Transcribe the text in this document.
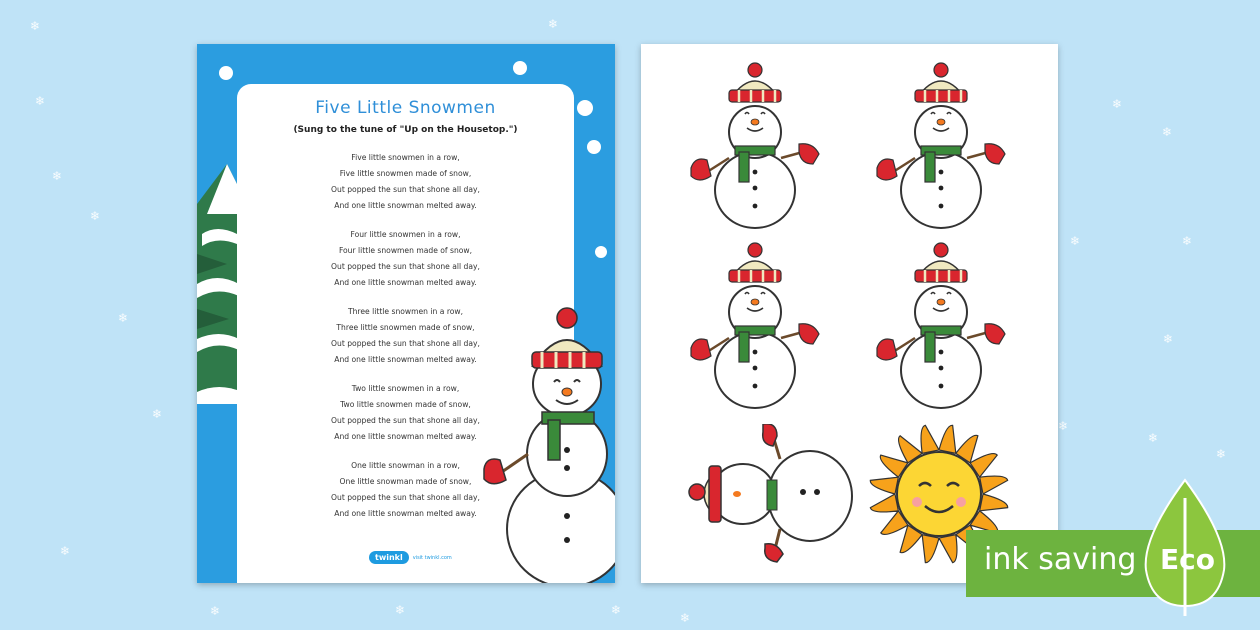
❄
❄
❄
❄
❄
❄
❄	❄
❄
❄
❄
❄
❄
❄
❄
❄
❄
❄
❄
❄
Five Little Snowmen
(Sung to the tune of "Up on the Housetop.")
Five little snowmen in a row,
Five little snowmen made of snow,
Out popped the sun that shone all day,
And one little snowman melted away.
Four little snowmen in a row,
Four little snowmen made of snow,
Out popped the sun that shone all day,
And one little snowman melted away.
Three little snowmen in a row,
Three little snowmen made of snow,
Out popped the sun that shone all day,
And one little snowman melted away.
Two little snowmen in a row,
Two little snowmen made of snow,
Out popped the sun that shone all day,
And one little snowman melted away.
One little snowman in a row,
One little snowman made of snow,
Out popped the sun that shone all day,
And one little snowman melted away.
twinkl	visit twinkl.com	ink saving Eco
